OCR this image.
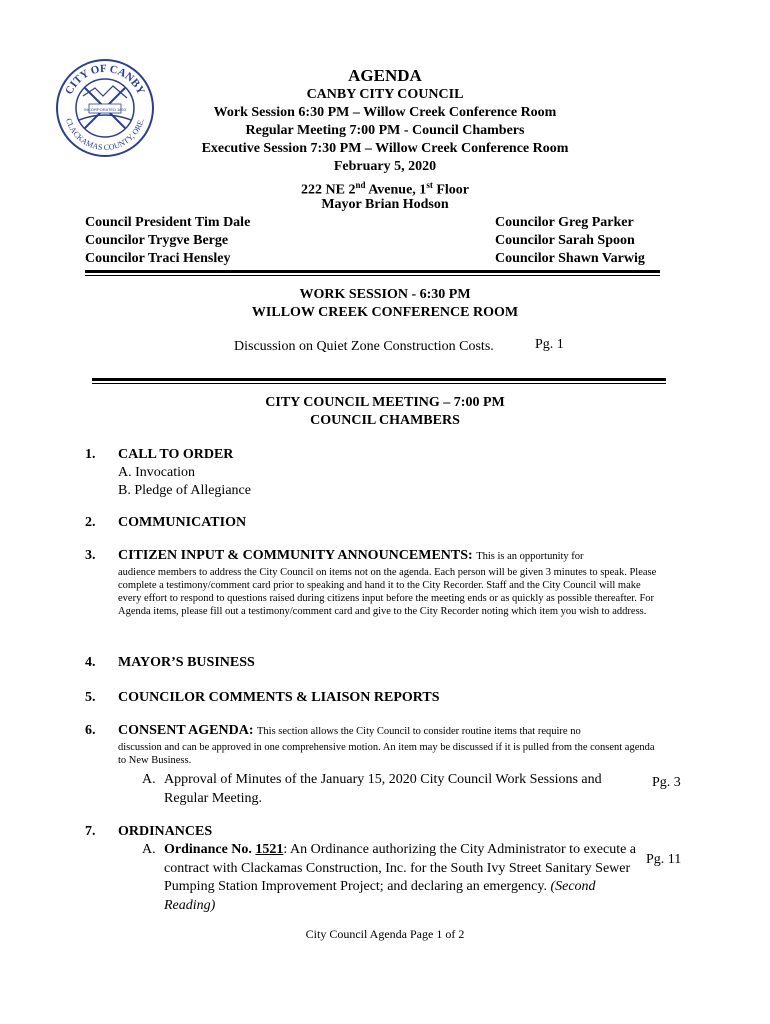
CITY OF CANBY
CLACKAMAS COUNTY, ORE.
INCORPORATED 1893
AGENDA
CANBY CITY COUNCIL
Work Session 6:30 PM – Willow Creek Conference Room
Regular Meeting 7:00 PM - Council Chambers
Executive Session 7:30 PM – Willow Creek Conference Room
February 5, 2020
222 NE 2nd Avenue, 1st Floor
Mayor Brian Hodson
Council President Tim Dale
Councilor Trygve Berge
Councilor Traci Hensley
Councilor Greg Parker
Councilor Sarah Spoon
Councilor Shawn Varwig
WORK SESSION - 6:30 PM
WILLOW CREEK CONFERENCE ROOM
Discussion on Quiet Zone Construction Costs.	Pg. 1
CITY COUNCIL MEETING – 7:00 PM
COUNCIL CHAMBERS
1. CALL TO ORDER
A. Invocation
B. Pledge of Allegiance
2. COMMUNICATION
3. CITIZEN INPUT & COMMUNITY ANNOUNCEMENTS: This is an opportunity for
audience members to address the City Council on items not on the agenda. Each person will be given 3 minutes to speak. Please complete a testimony/comment card prior to speaking and hand it to the City Recorder. Staff and the City Council will make every effort to respond to questions raised during citizens input before the meeting ends or as quickly as possible thereafter. For Agenda items, please fill out a testimony/comment card and give to the City Recorder noting which item you wish to address.
4. MAYOR’S BUSINESS
5. COUNCILOR COMMENTS & LIAISON REPORTS
6. CONSENT AGENDA: This section allows the City Council to consider routine items that require no
discussion and can be approved in one comprehensive motion. An item may be discussed if it is pulled from the consent agenda to New Business.
A. Approval of Minutes of the January 15, 2020 City Council Work Sessions and Regular Meeting.
Pg. 3
7. ORDINANCES
A. Ordinance No. 1521: An Ordinance authorizing the City Administrator to execute a contract with Clackamas Construction, Inc. for the South Ivy Street Sanitary Sewer Pumping Station Improvement Project; and declaring an emergency. (Second Reading)
Pg. 11
City Council Agenda Page 1 of 2
